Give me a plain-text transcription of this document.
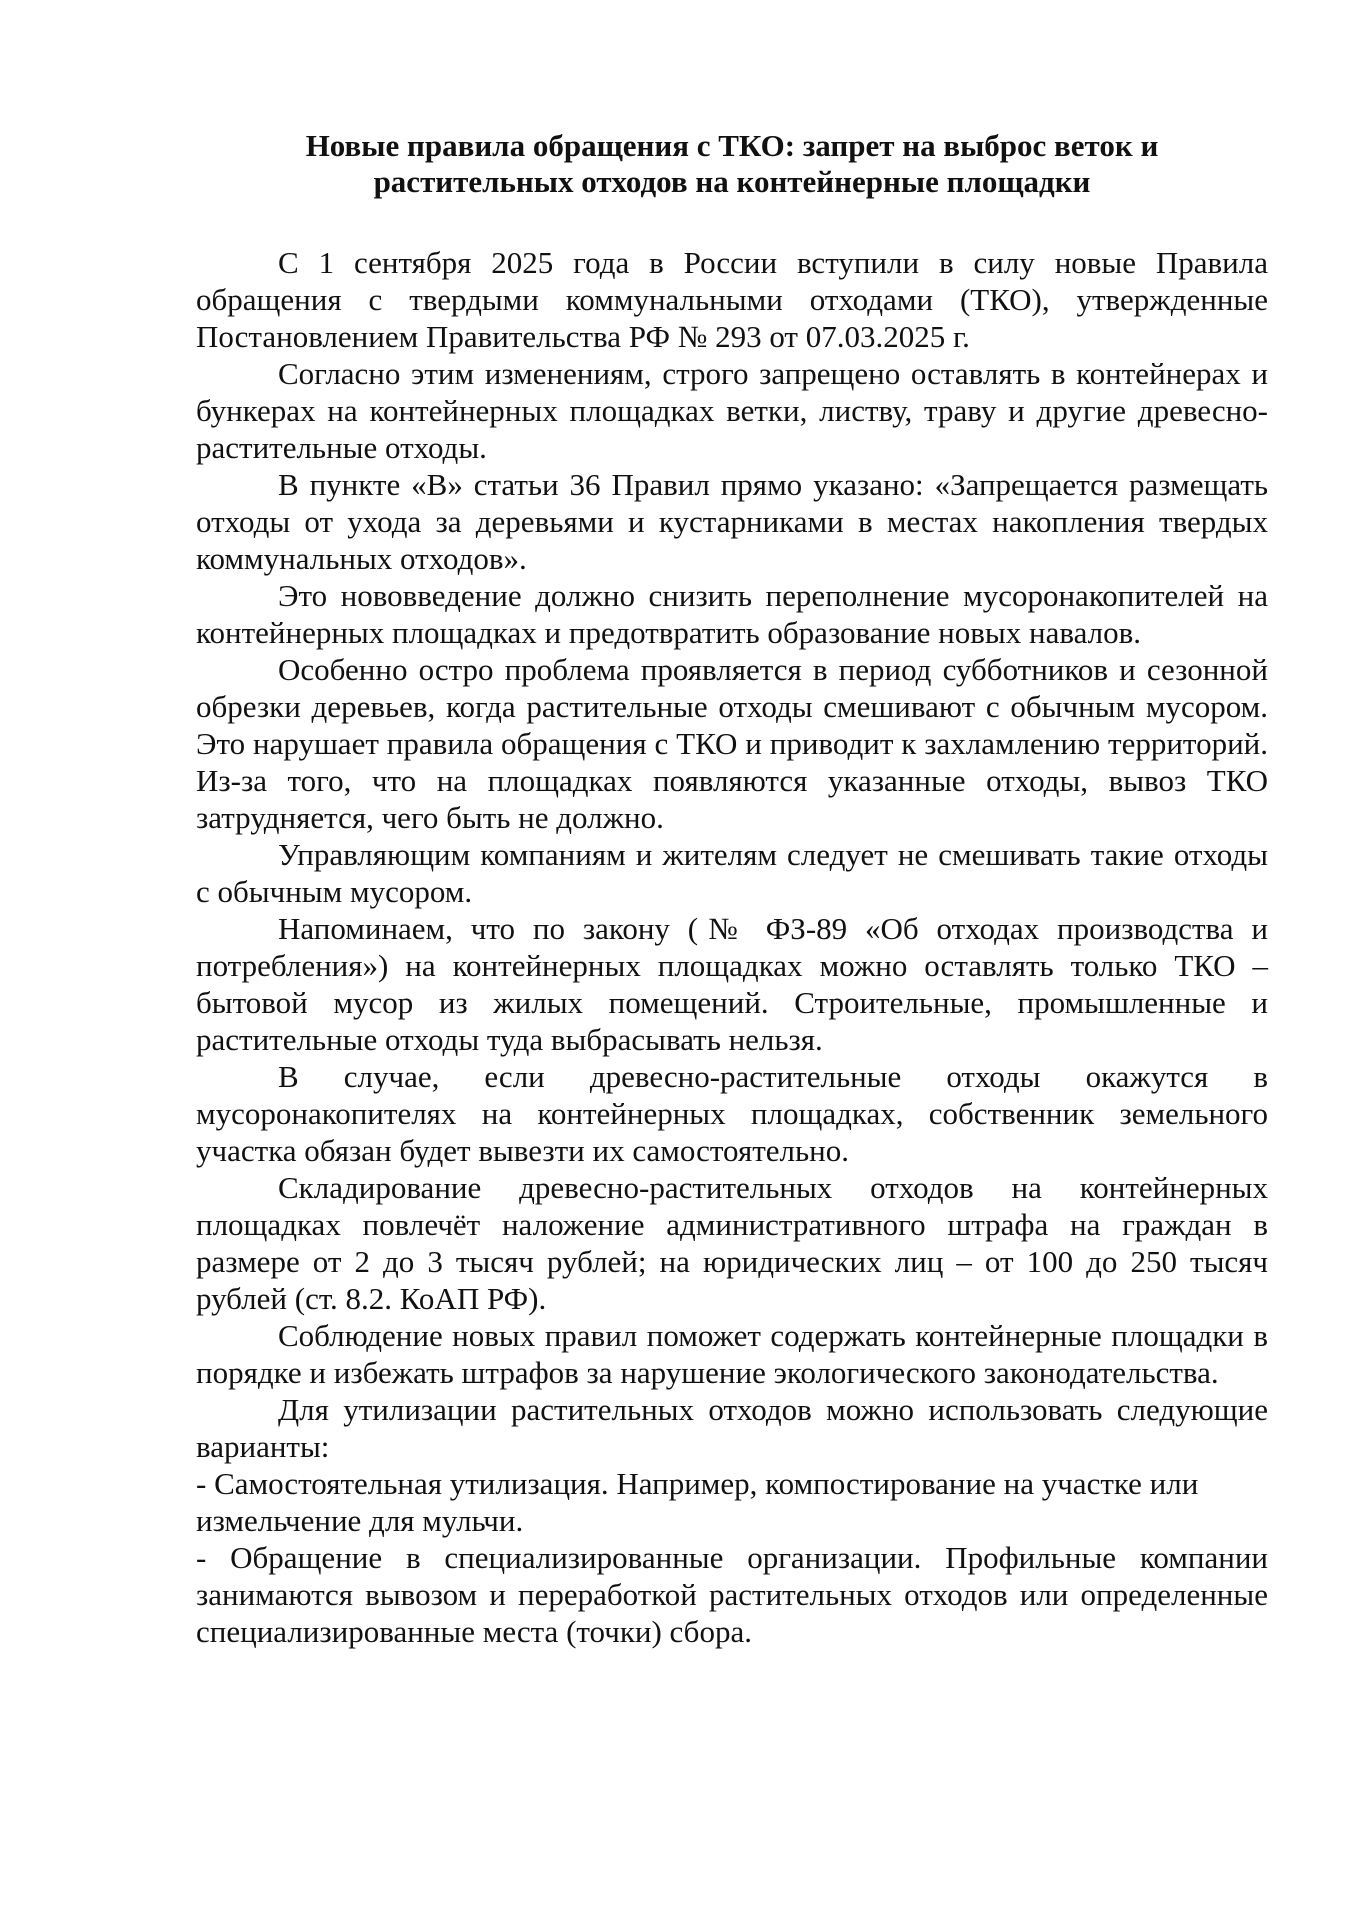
Новые правила обращения с ТКО: запрет на выброс веток и
растительных отходов на контейнерные площадки

С 1 сентября 2025 года в России вступили в силу новые Правила обращения с твердыми коммунальными отходами (ТКО), утвержденные Постановлением Правительства РФ № 293 от 07.03.2025 г.

Согласно этим изменениям, строго запрещено оставлять в контейнерах и бункерах на контейнерных площадках ветки, листву, траву и другие древесно-растительные отходы.

В пункте «В» статьи 36 Правил прямо указано: «Запрещается размещать отходы от ухода за деревьями и кустарниками в местах накопления твердых коммунальных отходов».

Это нововведение должно снизить переполнение мусоронакопителей на контейнерных площадках и предотвратить образование новых навалов.

Особенно остро проблема проявляется в период субботников и сезонной обрезки деревьев, когда растительные отходы смешивают с обычным мусором. Это нарушает правила обращения с ТКО и приводит к захламлению территорий. Из-за того, что на площадках появляются указанные отходы, вывоз ТКО затрудняется, чего быть не должно.

Управляющим компаниям и жителям следует не смешивать такие отходы с обычным мусором.

Напоминаем, что по закону (№ ФЗ-89 «Об отходах производства и потребления») на контейнерных площадках можно оставлять только ТКО – бытовой мусор из жилых помещений. Строительные, промышленные и растительные отходы туда выбрасывать нельзя.

В случае, если древесно-растительные отходы окажутся в мусоронакопителях на контейнерных площадках, собственник земельного участка обязан будет вывезти их самостоятельно.

Складирование древесно-растительных отходов на контейнерных площадках повлечёт наложение административного штрафа на граждан в размере от 2 до 3 тысяч рублей; на юридических лиц – от 100 до 250 тысяч рублей (ст. 8.2. КоАП РФ).

Соблюдение новых правил поможет содержать контейнерные площадки в порядке и избежать штрафов за нарушение экологического законодательства.

Для утилизации растительных отходов можно использовать следующие варианты:

- Самостоятельная утилизация. Например, компостирование на участке или измельчение для мульчи.

- Обращение в специализированные организации. Профильные компании занимаются вывозом и переработкой растительных отходов или определенные специализированные места (точки) сбора.
